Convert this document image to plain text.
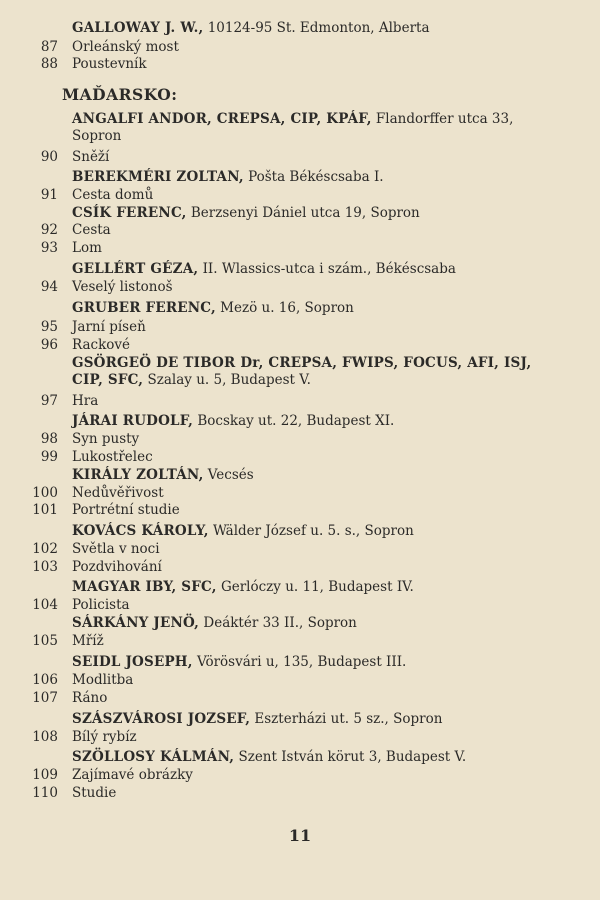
GALLOWAY J. W., 10124-95 St. Edmonton, Alberta
87 Orleánský most
88 Poustevník
MAĎARSKO:
ANGALFI ANDOR, CREPSA, CIP, KPÁF, Flandorffer utca 33, Sopron
90 Sněží
BEREKMÉRI ZOLTAN, Pošta Békéscsaba I.
91 Cesta domů
CSÍK FERENC, Berzsenyi Dániel utca 19, Sopron
92 Cesta
93 Lom
GELLÉRT GÉZA, II. Wlassics-utca i szám., Békéscsaba
94 Veselý listonoš
GRUBER FERENC, Mezö u. 16, Sopron
95 Jarní píseň
96 Rackové
GSÖRGEÖ DE TIBOR Dr, CREPSA, FWIPS, FOCUS, AFI, ISJ, CIP, SFC, Szalay u. 5, Budapest V.
97 Hra
JÁRAI RUDOLF, Bocskay ut. 22, Budapest XI.
98 Syn pusty
99 Lukostřelec
KIRÁLY ZOLTÁN, Vecsés
100 Nedůvěřivost
101 Portrétní studie
KOVÁCS KÁROLY, Wälder József u. 5. s., Sopron
102 Světla v noci
103 Pozdvihování
MAGYAR IBY, SFC, Gerlóczy u. 11, Budapest IV.
104 Policista
SÁRKÁNY JENÖ, Deáktér 33 II., Sopron
105 Mříž
SEIDL JOSEPH, Vörösvári u, 135, Budapest III.
106 Modlitba
107 Ráno
SZÁSZVÁROSI JOZSEF, Eszterházi ut. 5 sz., Sopron
108 Bílý rybíz
SZÖLLOSY KÁLMÁN, Szent István körut 3, Budapest V.
109 Zajímavé obrázky
110 Studie
11
